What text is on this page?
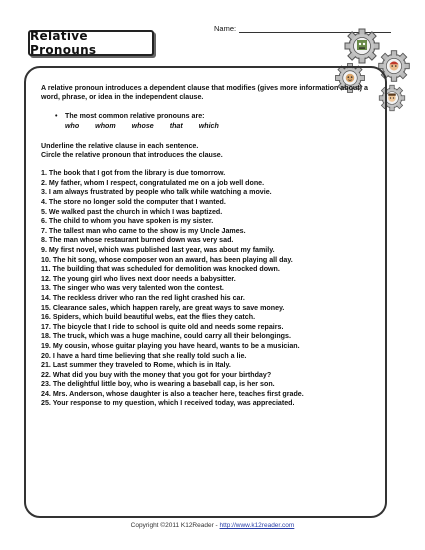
Relative Pronouns
Name:

A relative pronoun introduces a dependent clause that modifies (gives more information about) a word, phrase, or idea in the independent clause.

•	The most common relative pronouns are:
who whom whose that which

Underline the relative clause in each sentence.

Circle the relative pronoun that introduces the clause.

1. The book that I got from the library is due tomorrow.
2. My father, whom I respect, congratulated me on a job well done.
3. I am always frustrated by people who talk while watching a movie.
4. The store no longer sold the computer that I wanted.
5. We walked past the church in which I was baptized.
6. The child to whom you have spoken is my sister.
7. The tallest man who came to the show is my Uncle James.
8. The man whose restaurant burned down was very sad.
9. My first novel, which was published last year, was about my family.
10. The hit song, whose composer won an award, has been playing all day.
11. The building that was scheduled for demolition was knocked down.
12. The young girl who lives next door needs a babysitter.
13. The singer who was very talented won the contest.
14. The reckless driver who ran the red light crashed his car.
15. Clearance sales, which happen rarely, are great ways to save money.
16. Spiders, which build beautiful webs, eat the flies they catch.
17. The bicycle that I ride to school is quite old and needs some repairs.
18. The truck, which was a huge machine, could carry all their belongings.
19. My cousin, whose guitar playing you have heard, wants to be a musician.
20. I have a hard time believing that she really told such a lie.
21. Last summer they traveled to Rome, which is in Italy.
22. What did you buy with the money that you got for your birthday?
23. The delightful little boy, who is wearing a baseball cap, is her son.
24. Mrs. Anderson, whose daughter is also a teacher here, teaches first grade.
25. Your response to my question, which I received today, was appreciated.
Copyright ©2011 K12Reader - http://www.k12reader.com
